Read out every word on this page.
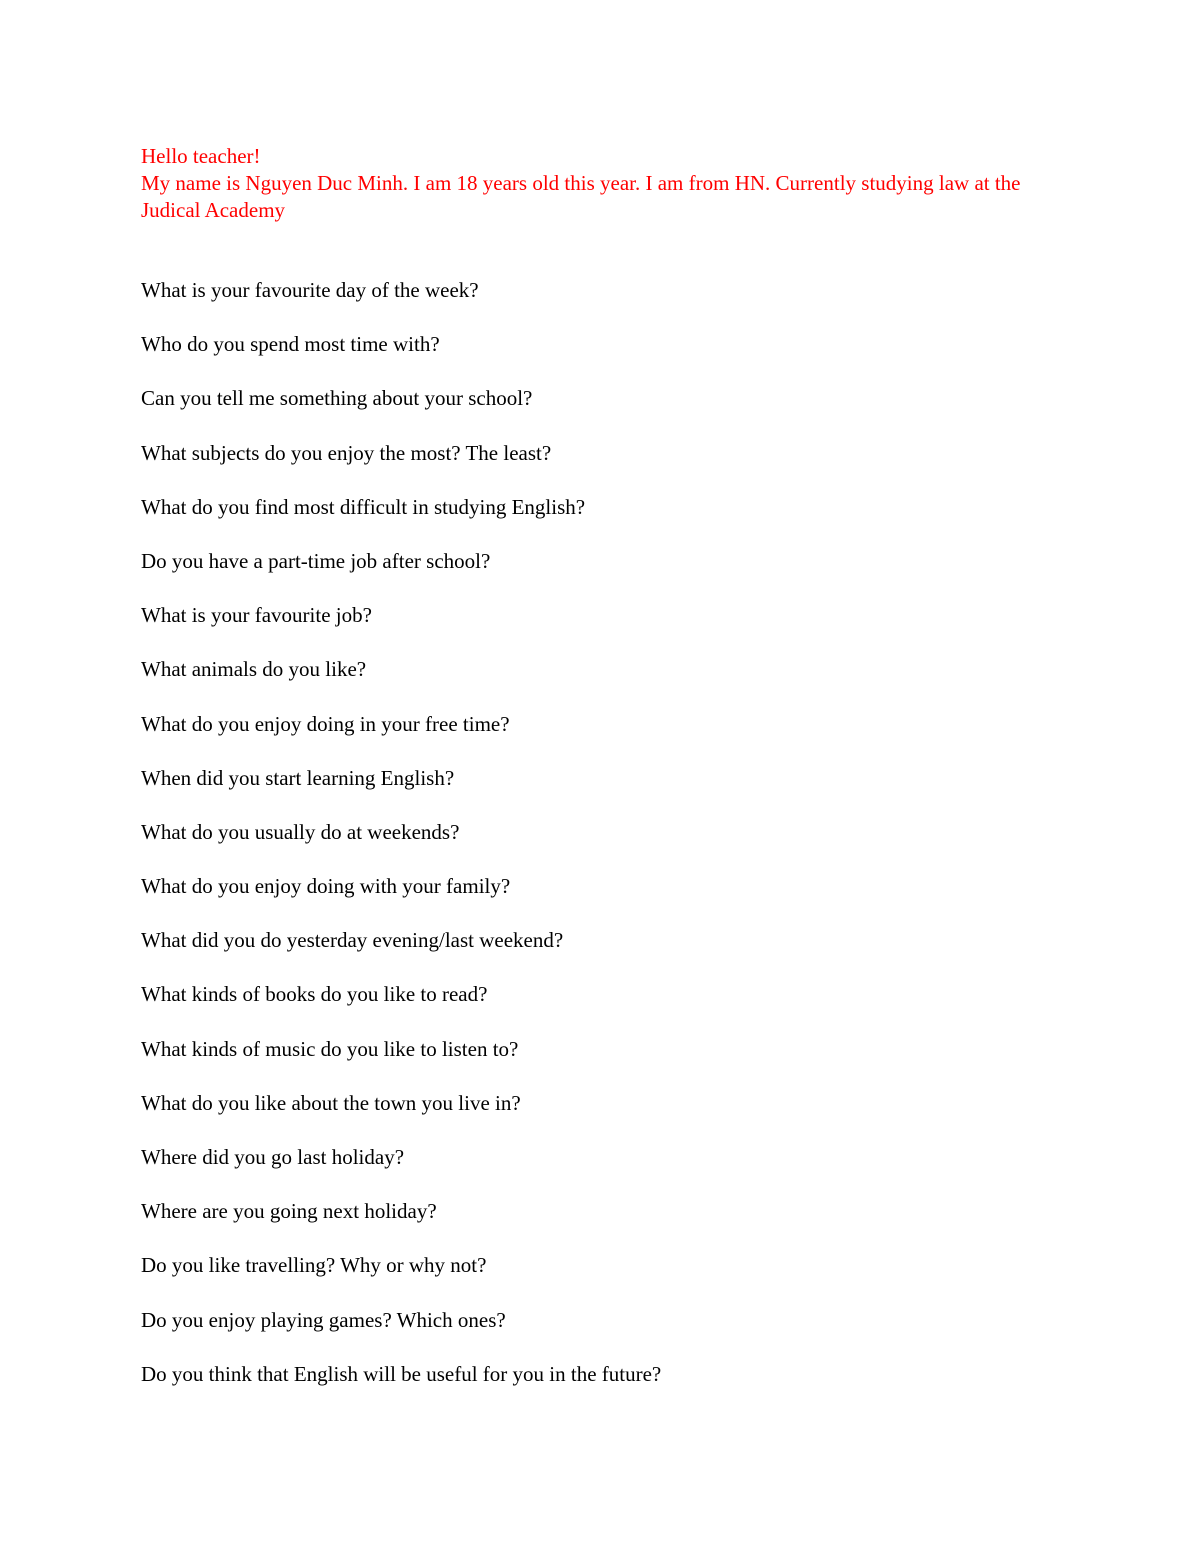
Hello teacher!

My name is Nguyen Duc Minh. I am 18 years old this year. I am from HN. Currently studying law at the Judical Academy

What is your favourite day of the week?
Who do you spend most time with?
Can you tell me something about your school?
What subjects do you enjoy the most? The least?
What do you find most difficult in studying English?
Do you have a part-time job after school?
What is your favourite job?
What animals do you like?
What do you enjoy doing in your free time?
When did you start learning English?
What do you usually do at weekends?
What do you enjoy doing with your family?
What did you do yesterday evening/last weekend?
What kinds of books do you like to read?
What kinds of music do you like to listen to?
What do you like about the town you live in?
Where did you go last holiday?
Where are you going next holiday?
Do you like travelling? Why or why not?
Do you enjoy playing games? Which ones?
Do you think that English will be useful for you in the future?
